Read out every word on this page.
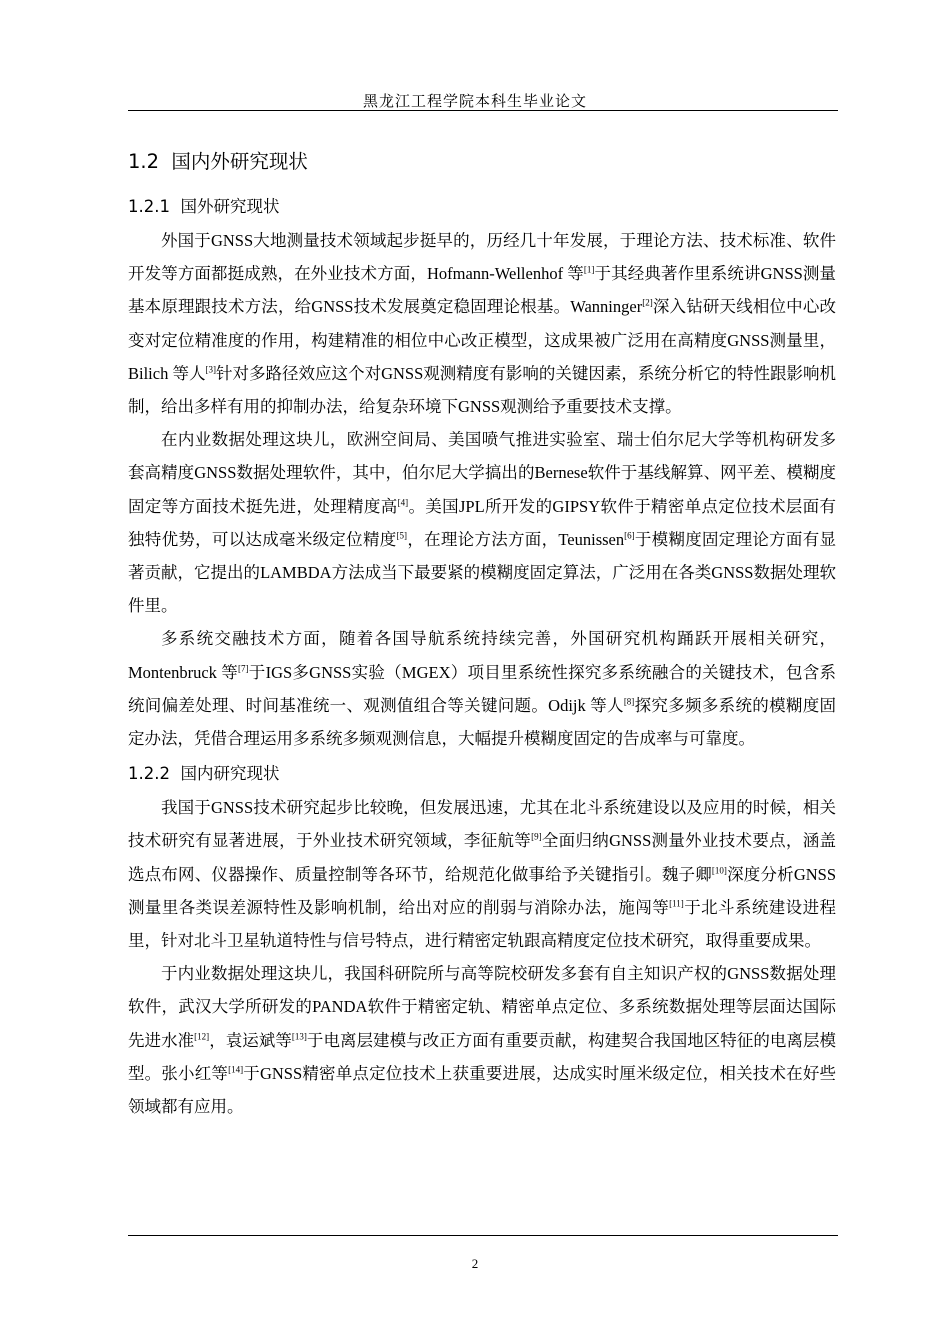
黑龙江工程学院本科生毕业论文
1.2 国内外研究现状
1.2.1 国外研究现状

外国于GNSS大地测量技术领域起步挺早的，历经几十年发展，于理论方法、技术标准、软件开发等方面都挺成熟，在外业技术方面，Hofmann-Wellenhof 等[1]于其经典著作里系统讲GNSS测量基本原理跟技术方法，给GNSS技术发展奠定稳固理论根基。Wanninger[2]深入钻研天线相位中心改变对定位精准度的作用，构建精准的相位中心改正模型，这成果被广泛用在高精度GNSS测量里，Bilich 等人[3]针对多路径效应这个对GNSS观测精度有影响的关键因素，系统分析它的特性跟影响机制，给出多样有用的抑制办法，给复杂环境下GNSS观测给予重要技术支撑。

在内业数据处理这块儿，欧洲空间局、美国喷气推进实验室、瑞士伯尔尼大学等机构研发多套高精度GNSS数据处理软件，其中，伯尔尼大学搞出的Bernese软件于基线解算、网平差、模糊度固定等方面技术挺先进，处理精度高[4]。美国JPL所开发的GIPSY软件于精密单点定位技术层面有独特优势，可以达成毫米级定位精度[5]，在理论方法方面，Teunissen[6]于模糊度固定理论方面有显著贡献，它提出的LAMBDA方法成当下最要紧的模糊度固定算法，广泛用在各类GNSS数据处理软件里。

多系统交融技术方面，随着各国导航系统持续完善，外国研究机构踊跃开展相关研究，Montenbruck 等[7]于IGS多GNSS实验（MGEX）项目里系统性探究多系统融合的关键技术，包含系统间偏差处理、时间基准统一、观测值组合等关键问题。Odijk 等人[8]探究多频多系统的模糊度固定办法，凭借合理运用多系统多频观测信息，大幅提升模糊度固定的告成率与可靠度。

1.2.2 国内研究现状

我国于GNSS技术研究起步比较晚，但发展迅速，尤其在北斗系统建设以及应用的时候，相关技术研究有显著进展，于外业技术研究领域，李征航等[9]全面归纳GNSS测量外业技术要点，涵盖选点布网、仪器操作、质量控制等各环节，给规范化做事给予关键指引。魏子卿[10]深度分析GNSS测量里各类误差源特性及影响机制，给出对应的削弱与消除办法，施闯等[11]于北斗系统建设进程里，针对北斗卫星轨道特性与信号特点，进行精密定轨跟高精度定位技术研究，取得重要成果。

于内业数据处理这块儿，我国科研院所与高等院校研发多套有自主知识产权的GNSS数据处理软件，武汉大学所研发的PANDA软件于精密定轨、精密单点定位、多系统数据处理等层面达国际先进水准[12]，袁运斌等[13]于电离层建模与改正方面有重要贡献，构建契合我国地区特征的电离层模型。张小红等[14]于GNSS精密单点定位技术上获重要进展，达成实时厘米级定位，相关技术在好些领域都有应用。

2
